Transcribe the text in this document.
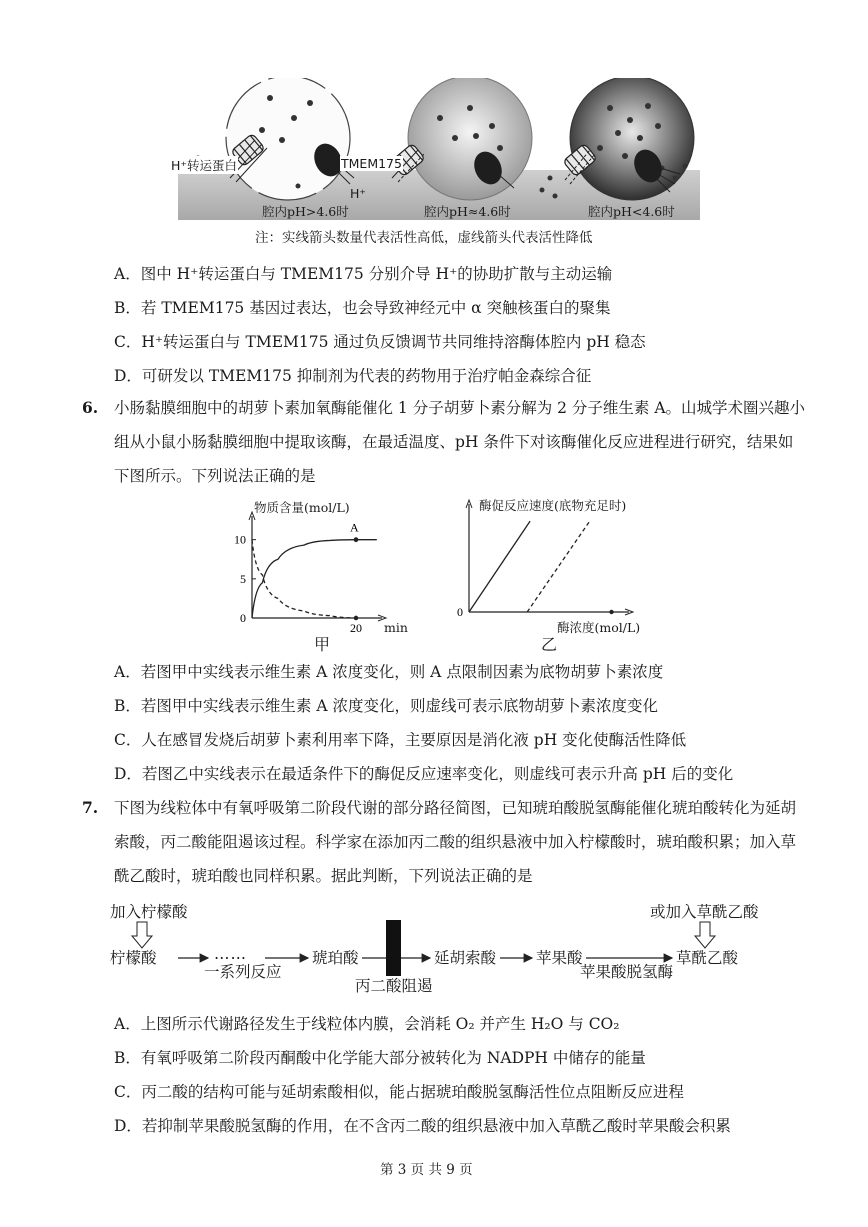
H⁺转运蛋白	TMEM175
H⁺
腔内pH>4.6时	腔内pH≈4.6时	腔内pH<4.6时
注：实线箭头数量代表活性高低，虚线箭头代表活性降低
A．图中 H⁺转运蛋白与 TMEM175 分别介导 H⁺的协助扩散与主动运输
B．若 TMEM175 基因过表达，也会导致神经元中 α 突触核蛋白的聚集
C．H⁺转运蛋白与 TMEM175 通过负反馈调节共同维持溶酶体腔内 pH 稳态
D．可研发以 TMEM175 抑制剂为代表的药物用于治疗帕金森综合征
6. 小肠黏膜细胞中的胡萝卜素加氧酶能催化 1 分子胡萝卜素分解为 2 分子维生素 A。山城学术圈兴趣小
组从小鼠小肠黏膜细胞中提取该酶，在最适温度、pH 条件下对该酶催化反应进程进行研究，结果如
下图所示。下列说法正确的是
0
5
10
20
A
物质含量(mol/L)
min
甲
0
酶促反应速度(底物充足时)
酶浓度(mol/L)
乙
A．若图甲中实线表示维生素 A 浓度变化，则 A 点限制因素为底物胡萝卜素浓度
B．若图甲中实线表示维生素 A 浓度变化，则虚线可表示底物胡萝卜素浓度变化
C．人在感冒发烧后胡萝卜素利用率下降，主要原因是消化液 pH 变化使酶活性降低
D．若图乙中实线表示在最适条件下的酶促反应速率变化，则虚线可表示升高 pH 后的变化
7. 下图为线粒体中有氧呼吸第二阶段代谢的部分路径简图，已知琥珀酸脱氢酶能催化琥珀酸转化为延胡
索酸，丙二酸能阻遏该过程。科学家在添加丙二酸的组织悬液中加入柠檬酸时，琥珀酸积累；加入草
酰乙酸时，琥珀酸也同样积累。据此判断，下列说法正确的是
加入柠檬酸	或加入草酰乙酸
柠檬酸	……
一系列反应
琥珀酸
丙二酸阻遏
延胡索酸	苹果酸
苹果酸脱氢酶
草酰乙酸
A．上图所示代谢路径发生于线粒体内膜，会消耗 O₂ 并产生 H₂O 与 CO₂
B．有氧呼吸第二阶段丙酮酸中化学能大部分被转化为 NADPH 中储存的能量
C．丙二酸的结构可能与延胡索酸相似，能占据琥珀酸脱氢酶活性位点阻断反应进程
D．若抑制苹果酸脱氢酶的作用，在不含丙二酸的组织悬液中加入草酰乙酸时苹果酸会积累
第 3 页 共 9 页
